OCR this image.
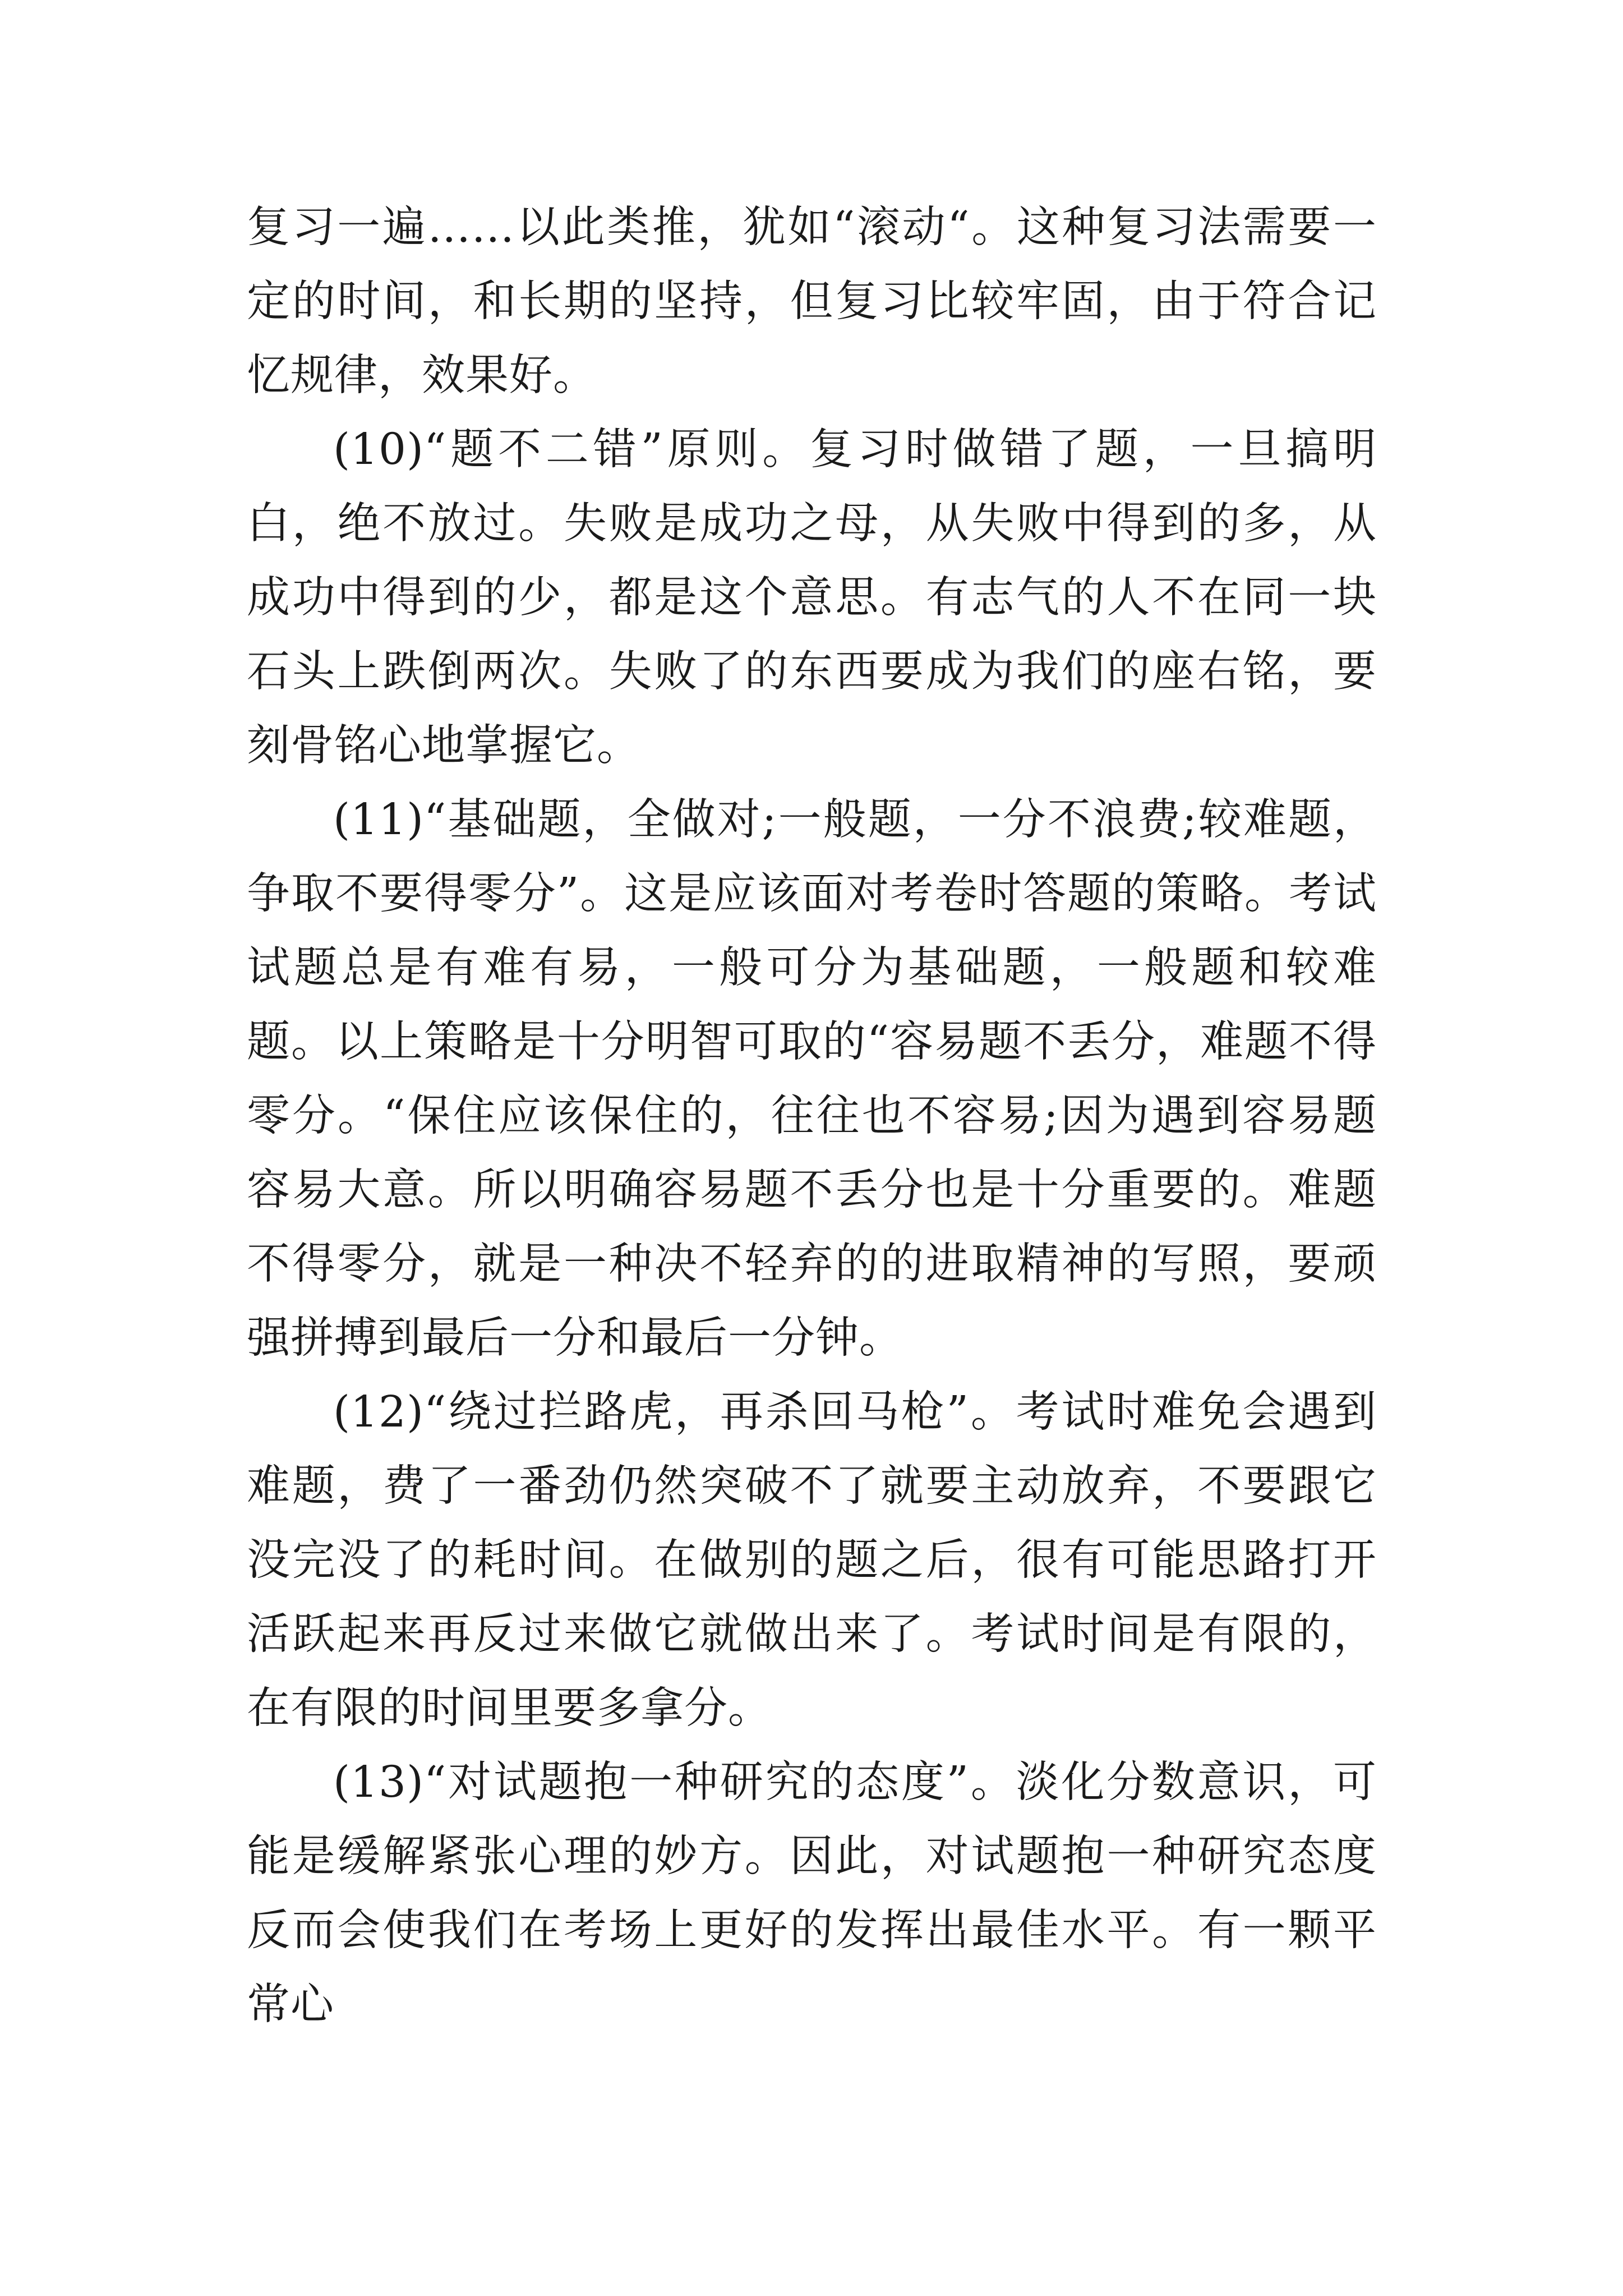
复习一遍……以此类推，犹如“滚动“。这种复习法需要一定的时间，和长期的坚持，但复习比较牢固，由于符合记忆规律，效果好。

(10)“题不二错”原则。复习时做错了题，一旦搞明白，绝不放过。失败是成功之母，从失败中得到的多，从成功中得到的少，都是这个意思。有志气的人不在同一块石头上跌倒两次。失败了的东西要成为我们的座右铭，要刻骨铭心地掌握它。

(11)“基础题，全做对;一般题，一分不浪费;较难题，争取不要得零分”。这是应该面对考卷时答题的策略。考试试题总是有难有易，一般可分为基础题，一般题和较难题。以上策略是十分明智可取的“容易题不丢分，难题不得零分。“保住应该保住的，往往也不容易;因为遇到容易题容易大意。所以明确容易题不丢分也是十分重要的。难题不得零分，就是一种决不轻弃的的进取精神的写照，要顽强拼搏到最后一分和最后一分钟。

(12)“绕过拦路虎，再杀回马枪”。考试时难免会遇到难题，费了一番劲仍然突破不了就要主动放弃，不要跟它没完没了的耗时间。在做别的题之后，很有可能思路打开活跃起来再反过来做它就做出来了。考试时间是有限的，在有限的时间里要多拿分。

(13)“对试题抱一种研究的态度”。淡化分数意识，可能是缓解紧张心理的妙方。因此，对试题抱一种研究态度反而会使我们在考场上更好的发挥出最佳水平。有一颗平常心
